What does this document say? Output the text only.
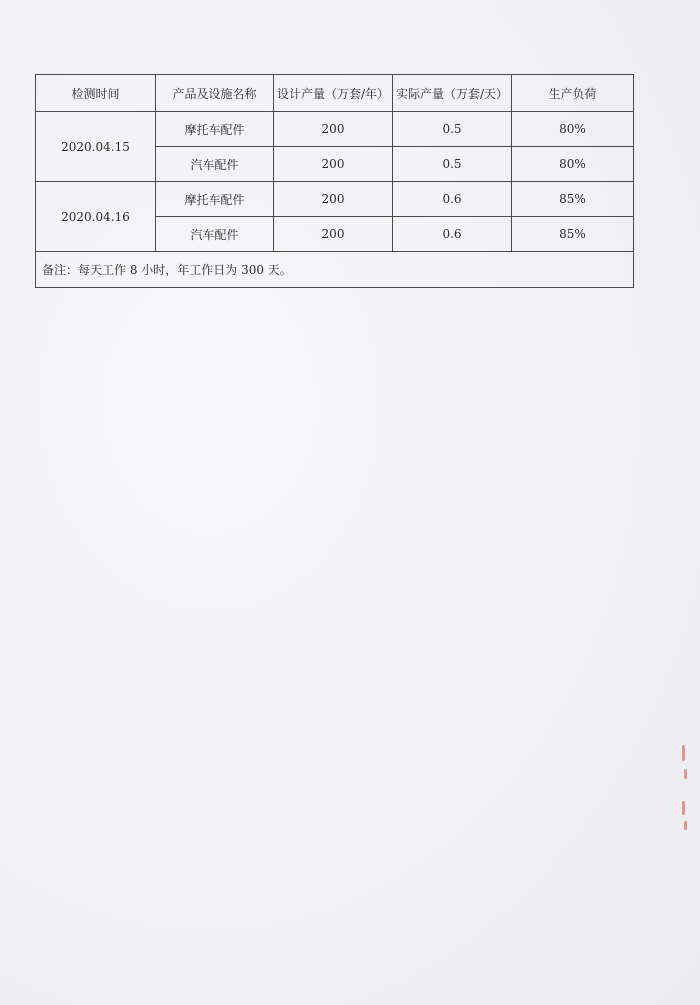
检测时间	产品及设施名称	设计产量（万套/年）	实际产量（万套/天）	生产负荷
2020.04.15	摩托车配件	200	0.5	80%
	汽车配件	200	0.5	80%
2020.04.16	摩托车配件	200	0.6	85%
	汽车配件	200	0.6	85%
备注：每天工作 8 小时，年工作日为 300 天。				
